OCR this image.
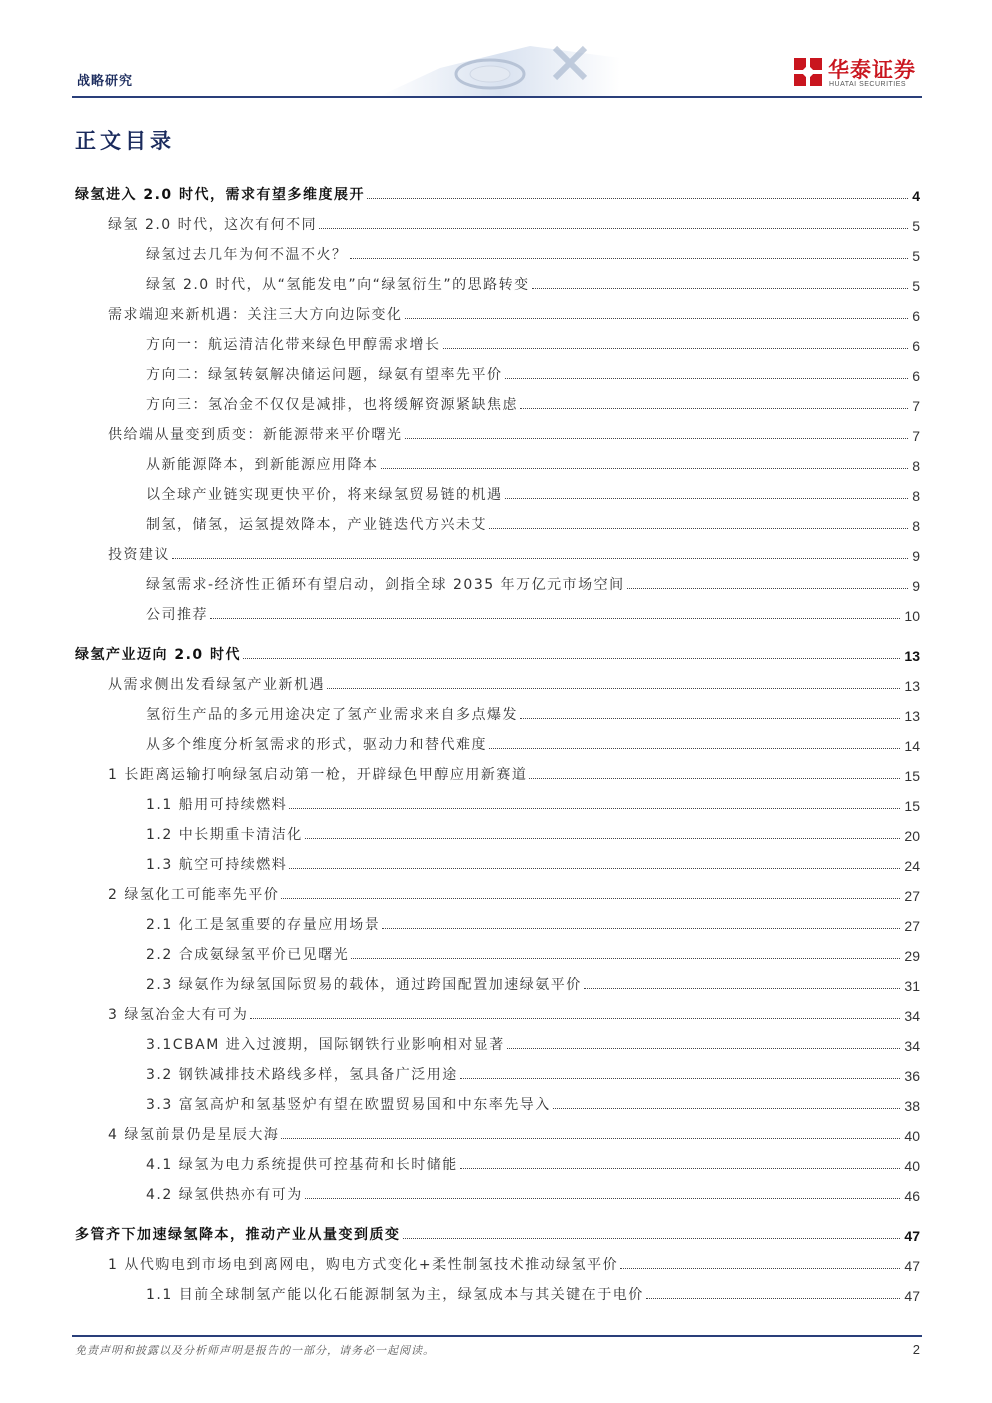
战略研究	华泰证券
HUATAI SECURITIES
正文目录
绿氢进入 2.0 时代，需求有望多维度展开	4
绿氢 2.0 时代，这次有何不同	5
绿氢过去几年为何不温不火？	5
绿氢 2.0 时代，从“氢能发电”向“绿氢衍生”的思路转变	5
需求端迎来新机遇：关注三大方向边际变化	6
方向一：航运清洁化带来绿色甲醇需求增长	6
方向二：绿氢转氨解决储运问题，绿氨有望率先平价	6
方向三：氢冶金不仅仅是减排，也将缓解资源紧缺焦虑	7
供给端从量变到质变：新能源带来平价曙光	7
从新能源降本，到新能源应用降本	8
以全球产业链实现更快平价，将来绿氢贸易链的机遇	8
制氢，储氢，运氢提效降本，产业链迭代方兴未艾	8
投资建议	9
绿氢需求-经济性正循环有望启动，剑指全球 2035 年万亿元市场空间	9
公司推荐	10
绿氢产业迈向 2.0 时代	13
从需求侧出发看绿氢产业新机遇	13
氢衍生产品的多元用途决定了氢产业需求来自多点爆发	13
从多个维度分析氢需求的形式，驱动力和替代难度	14
1 长距离运输打响绿氢启动第一枪，开辟绿色甲醇应用新赛道	15
1.1 船用可持续燃料	15
1.2 中长期重卡清洁化	20
1.3 航空可持续燃料	24
2 绿氢化工可能率先平价	27
2.1 化工是氢重要的存量应用场景	27
2.2 合成氨绿氢平价已见曙光	29
2.3 绿氨作为绿氢国际贸易的载体，通过跨国配置加速绿氨平价	31
3 绿氢冶金大有可为	34
3.1CBAM 进入过渡期，国际钢铁行业影响相对显著	34
3.2 钢铁减排技术路线多样，氢具备广泛用途	36
3.3 富氢高炉和氢基竖炉有望在欧盟贸易国和中东率先导入	38
4 绿氢前景仍是星辰大海	40
4.1 绿氢为电力系统提供可控基荷和长时储能	40
4.2 绿氢供热亦有可为	46
多管齐下加速绿氢降本，推动产业从量变到质变	47
1 从代购电到市场电到离网电，购电方式变化+柔性制氢技术推动绿氢平价	47
1.1 目前全球制氢产能以化石能源制氢为主，绿氢成本与其关键在于电价	47
免责声明和披露以及分析师声明是报告的一部分，请务必一起阅读。	2
